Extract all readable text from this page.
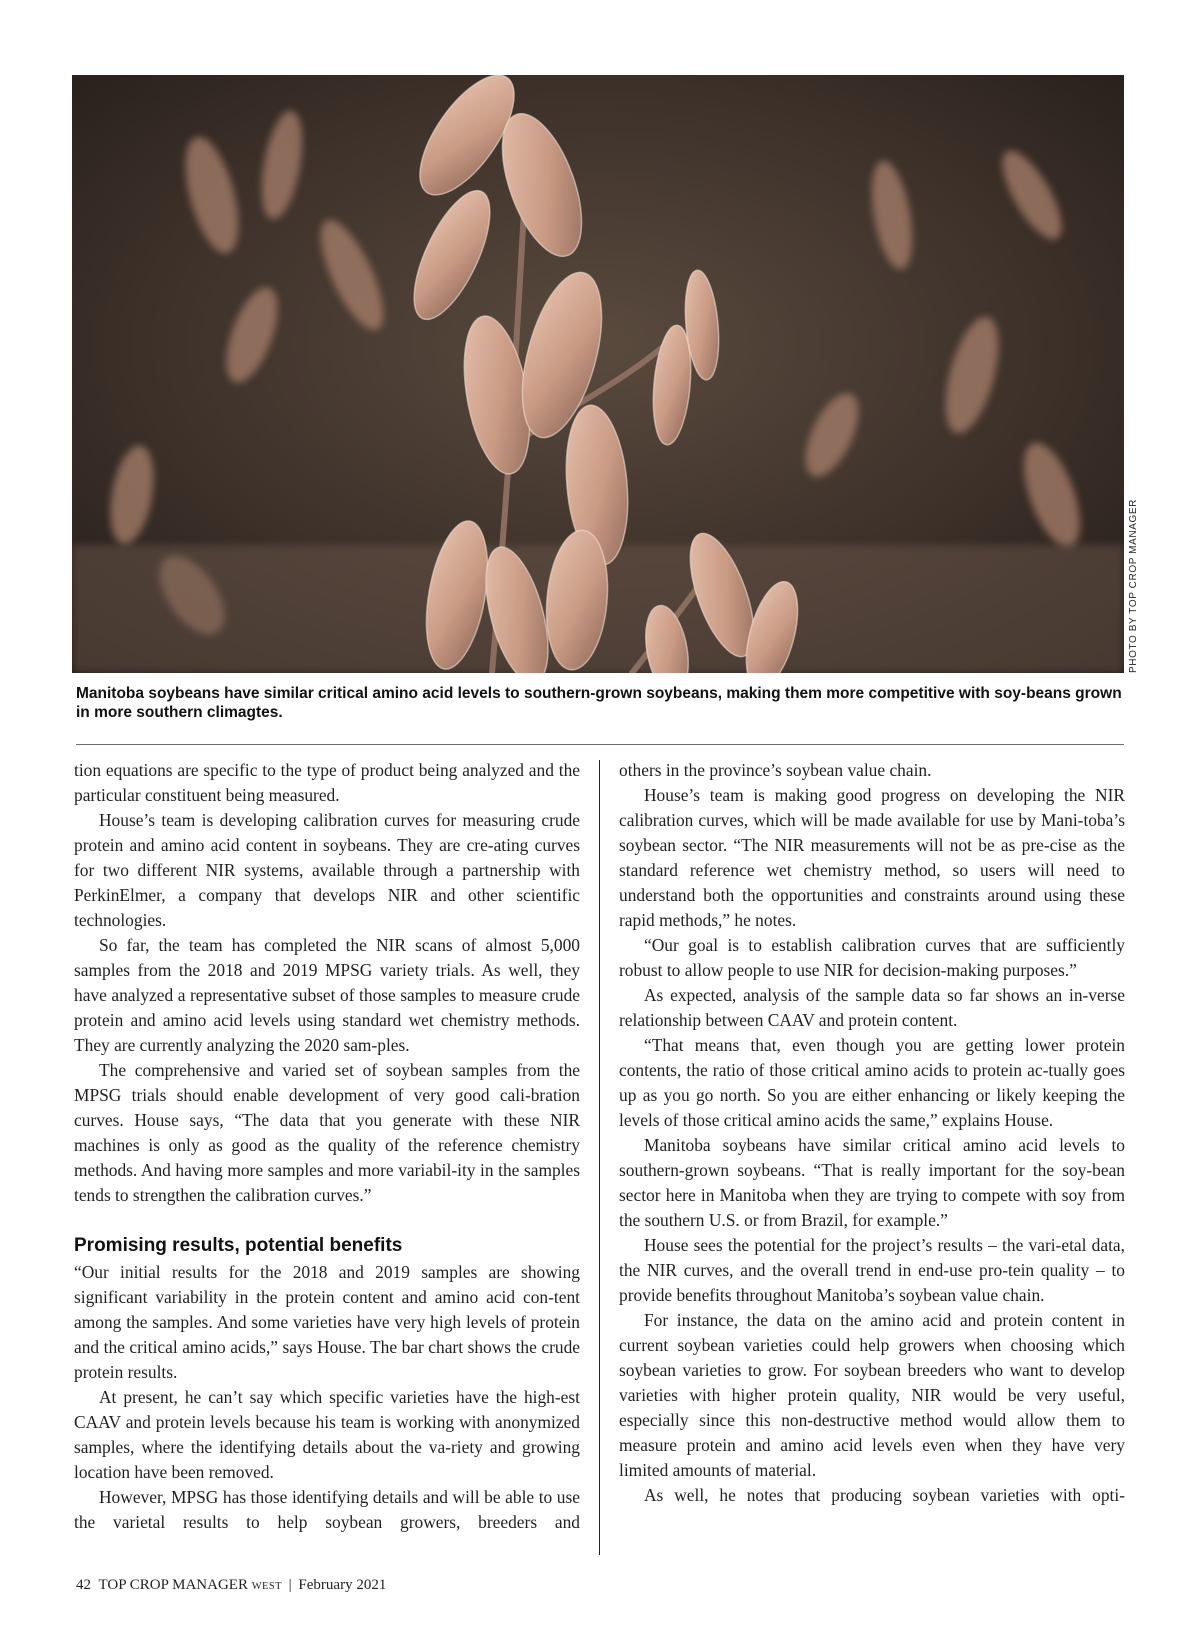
PHOTO BY TOP CROP MANAGER
Manitoba soybeans have similar critical amino acid levels to southern-grown soybeans, making them more competitive with soy-beans grown in more southern climagtes.

tion equations are specific to the type of product being analyzed and the particular constituent being measured.

House’s team is developing calibration curves for measuring crude protein and amino acid content in soybeans. They are cre-ating curves for two different NIR systems, available through a partnership with PerkinElmer, a company that develops NIR and other scientific technologies.

So far, the team has completed the NIR scans of almost 5,000 samples from the 2018 and 2019 MPSG variety trials. As well, they have analyzed a representative subset of those samples to measure crude protein and amino acid levels using standard wet chemistry methods. They are currently analyzing the 2020 sam-ples.

The comprehensive and varied set of soybean samples from the MPSG trials should enable development of very good cali-bration curves. House says, “The data that you generate with these NIR machines is only as good as the quality of the reference chemistry methods. And having more samples and more variabil-ity in the samples tends to strengthen the calibration curves.”

Promising results, potential benefits

“Our initial results for the 2018 and 2019 samples are showing significant variability in the protein content and amino acid con-tent among the samples. And some varieties have very high levels of protein and the critical amino acids,” says House. The bar chart shows the crude protein results.

At present, he can’t say which specific varieties have the high-est CAAV and protein levels because his team is working with anonymized samples, where the identifying details about the va-riety and growing location have been removed.

However, MPSG has those identifying details and will be able to use the varietal results to help soybean growers, breeders and

others in the province’s soybean value chain.

House’s team is making good progress on developing the NIR calibration curves, which will be made available for use by Mani-toba’s soybean sector. “The NIR measurements will not be as pre-cise as the standard reference wet chemistry method, so users will need to understand both the opportunities and constraints around using these rapid methods,” he notes.

“Our goal is to establish calibration curves that are sufficiently robust to allow people to use NIR for decision-making purposes.”

As expected, analysis of the sample data so far shows an in-verse relationship between CAAV and protein content.

“That means that, even though you are getting lower protein contents, the ratio of those critical amino acids to protein ac-tually goes up as you go north. So you are either enhancing or likely keeping the levels of those critical amino acids the same,” explains House.

Manitoba soybeans have similar critical amino acid levels to southern-grown soybeans. “That is really important for the soy-bean sector here in Manitoba when they are trying to compete with soy from the southern U.S. or from Brazil, for example.”

House sees the potential for the project’s results – the vari-etal data, the NIR curves, and the overall trend in end-use pro-tein quality – to provide benefits throughout Manitoba’s soybean value chain.

For instance, the data on the amino acid and protein content in current soybean varieties could help growers when choosing which soybean varieties to grow. For soybean breeders who want to develop varieties with higher protein quality, NIR would be very useful, especially since this non-destructive method would allow them to measure protein and amino acid levels even when they have very limited amounts of material.

As well, he notes that producing soybean varieties with opti-

42 TOP CROP MANAGER WEST | February 2021
